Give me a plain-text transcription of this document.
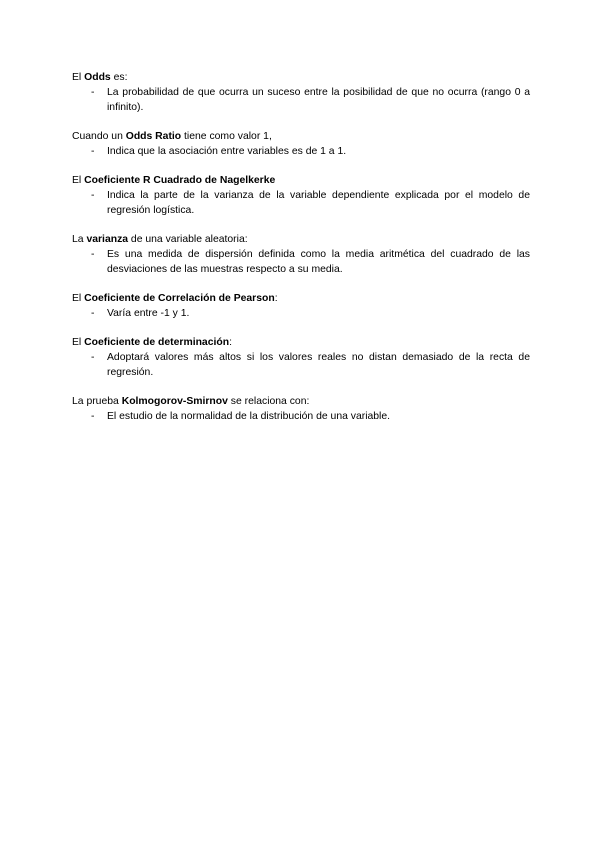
El Odds es:
- La probabilidad de que ocurra un suceso entre la posibilidad de que no ocurra (rango 0 a infinito).
Cuando un Odds Ratio tiene como valor 1,
- Indica que la asociación entre variables es de 1 a 1.
El Coeficiente R Cuadrado de Nagelkerke
- Indica la parte de la varianza de la variable dependiente explicada por el modelo de regresión logística.
La varianza de una variable aleatoria:
- Es una medida de dispersión definida como la media aritmética del cuadrado de las desviaciones de las muestras respecto a su media.
El Coeficiente de Correlación de Pearson:
- Varía entre -1 y 1.
El Coeficiente de determinación:
- Adoptará valores más altos si los valores reales no distan demasiado de la recta de regresión.
La prueba Kolmogorov-Smirnov se relaciona con:
- El estudio de la normalidad de la distribución de una variable.
